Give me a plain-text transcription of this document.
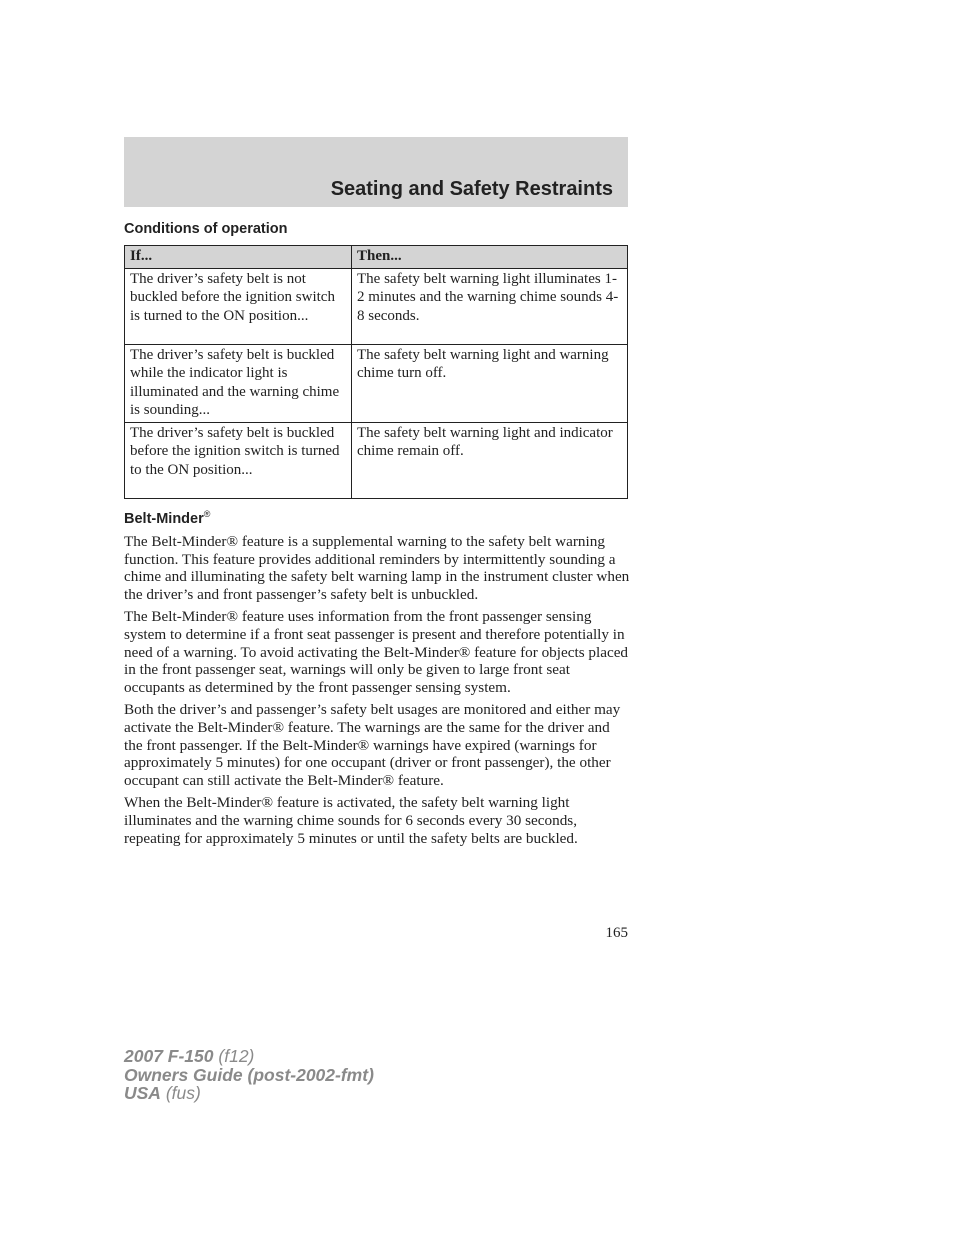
Seating and Safety Restraints
Conditions of operation
If...	Then...
The driver’s safety belt is not buckled before the ignition switch is turned to the ON position...	The safety belt warning light illuminates 1-2 minutes and the warning chime sounds 4-8 seconds.
The driver’s safety belt is buckled while the indicator light is illuminated and the warning chime is sounding...	The safety belt warning light and warning chime turn off.
The driver’s safety belt is buckled before the ignition switch is turned to the ON position...	The safety belt warning light and indicator chime remain off.
Belt-Minder®

The Belt-Minder® feature is a supplemental warning to the safety belt warning function. This feature provides additional reminders by intermittently sounding a chime and illuminating the safety belt warning lamp in the instrument cluster when the driver’s and front passenger’s safety belt is unbuckled.

The Belt-Minder® feature uses information from the front passenger sensing system to determine if a front seat passenger is present and therefore potentially in need of a warning. To avoid activating the Belt-Minder® feature for objects placed in the front passenger seat, warnings will only be given to large front seat occupants as determined by the front passenger sensing system.

Both the driver’s and passenger’s safety belt usages are monitored and either may activate the Belt-Minder® feature. The warnings are the same for the driver and the front passenger. If the Belt-Minder® warnings have expired (warnings for approximately 5 minutes) for one occupant (driver or front passenger), the other occupant can still activate the Belt-Minder® feature.

When the Belt-Minder® feature is activated, the safety belt warning light illuminates and the warning chime sounds for 6 seconds every 30 seconds, repeating for approximately 5 minutes or until the safety belts are buckled.

165
2007 F-150 (f12)
Owners Guide (post-2002-fmt)
USA (fus)
